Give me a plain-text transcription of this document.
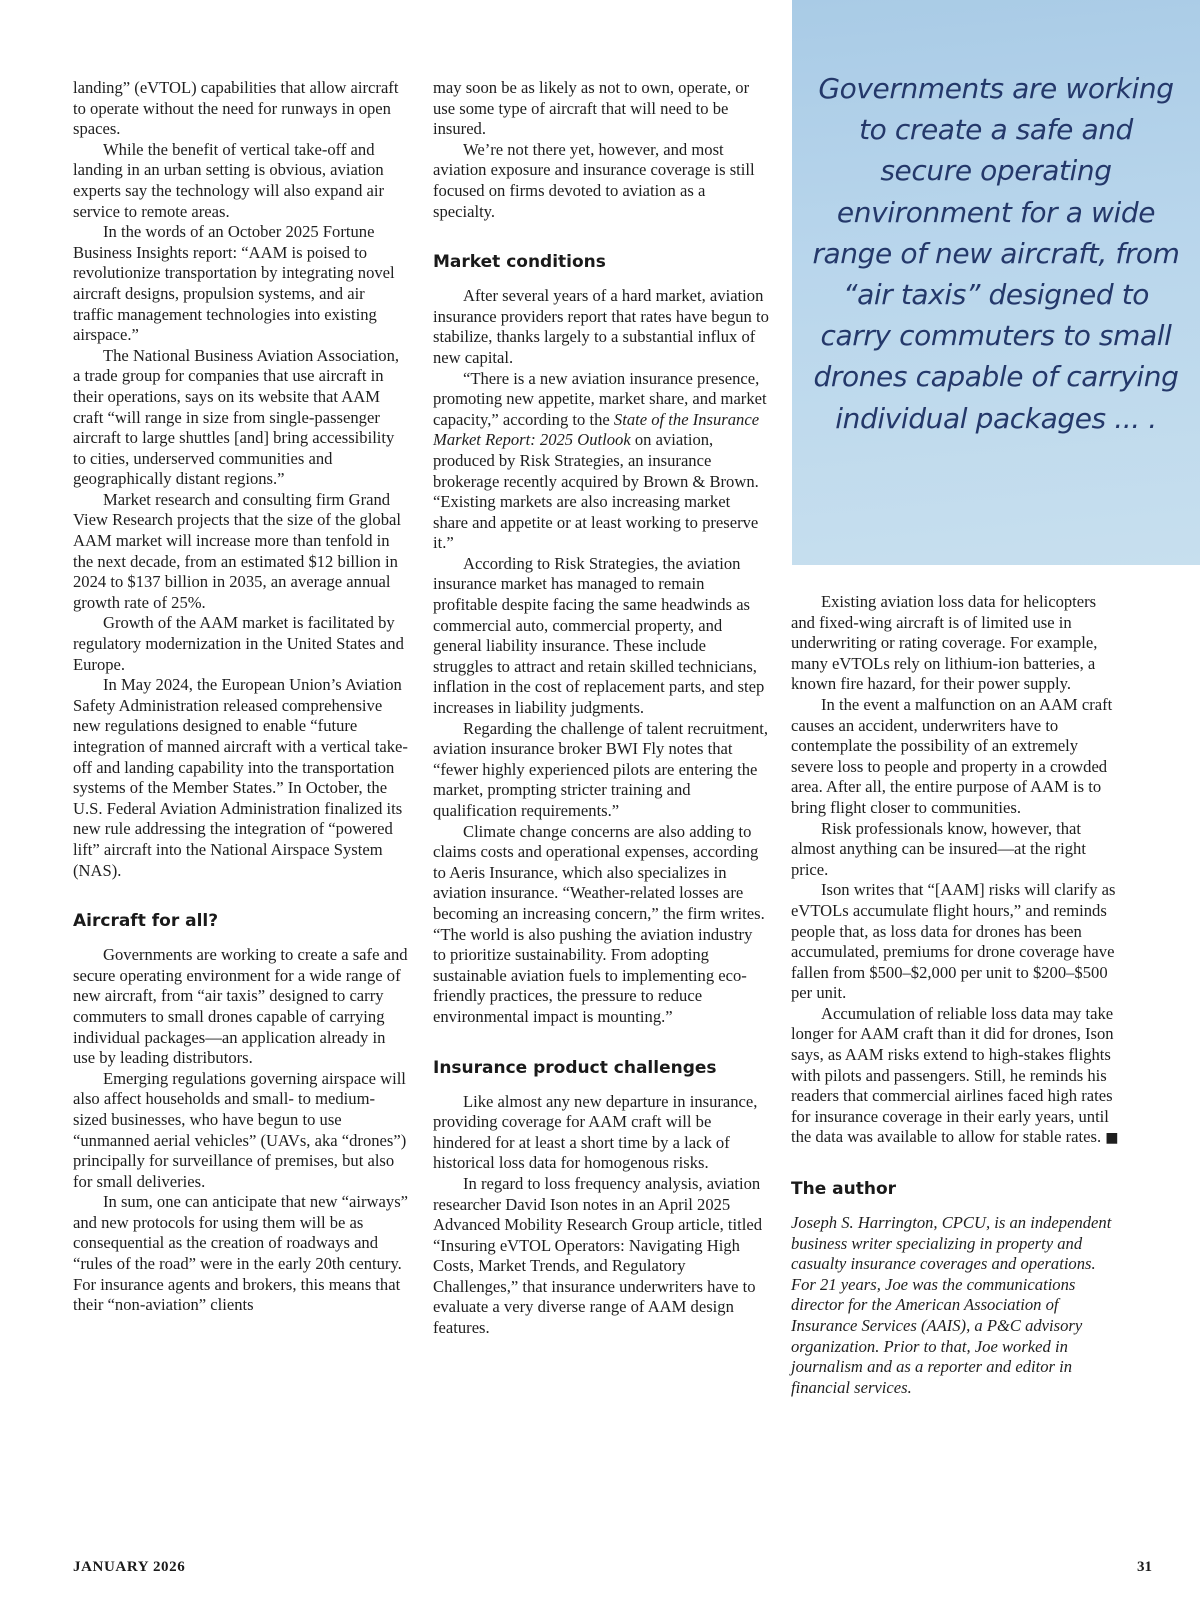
landing” (eVTOL) capabilities that allow aircraft to operate without the need for runways in open spaces.

While the benefit of vertical take-off and landing in an urban setting is obvious, aviation experts say the technology will also expand air service to remote areas.

In the words of an October 2025 Fortune Business Insights report: “AAM is poised to revolutionize transportation by integrating novel aircraft designs, propulsion systems, and air traffic management technologies into existing airspace.”

The National Business Aviation Association, a trade group for companies that use aircraft in their operations, says on its website that AAM craft “will range in size from single-passenger aircraft to large shuttles [and] bring accessibility to cities, underserved communities and geographically distant regions.”

Market research and consulting firm Grand View Research projects that the size of the global AAM market will increase more than tenfold in the next decade, from an estimated $12 billion in 2024 to $137 billion in 2035, an average annual growth rate of 25%.

Growth of the AAM market is facilitated by regulatory modernization in the United States and Europe.

In May 2024, the European Union’s Aviation Safety Administration released comprehensive new regulations designed to enable “future integration of manned aircraft with a vertical take-off and landing capability into the transportation systems of the Member States.” In October, the U.S. Federal Aviation Administration finalized its new rule addressing the integration of “powered lift” aircraft into the National Airspace System (NAS).

Aircraft for all?

Governments are working to create a safe and secure operating environment for a wide range of new aircraft, from “air taxis” designed to carry commuters to small drones capable of carrying individual packages—an application already in use by leading distributors.

Emerging regulations governing airspace will also affect households and small- to medium-sized businesses, who have begun to use “unmanned aerial vehicles” (UAVs, aka “drones”) principally for surveillance of premises, but also for small deliveries.

In sum, one can anticipate that new “airways” and new protocols for using them will be as consequential as the creation of roadways and “rules of the road” were in the early 20th century. For insurance agents and brokers, this means that their “non-aviation” clients

may soon be as likely as not to own, operate, or use some type of aircraft that will need to be insured.

We’re not there yet, however, and most aviation exposure and insurance coverage is still focused on firms devoted to aviation as a specialty.

Market conditions

After several years of a hard market, aviation insurance providers report that rates have begun to stabilize, thanks largely to a substantial influx of new capital.

“There is a new aviation insurance presence, promoting new appetite, market share, and market capacity,” according to the State of the Insurance Market Report: 2025 Outlook on aviation, produced by Risk Strategies, an insurance brokerage recently acquired by Brown & Brown. “Existing markets are also increasing market share and appetite or at least working to preserve it.”

According to Risk Strategies, the aviation insurance market has managed to remain profitable despite facing the same headwinds as commercial auto, commercial property, and general liability insurance. These include struggles to attract and retain skilled technicians, inflation in the cost of replacement parts, and step increases in liability judgments.

Regarding the challenge of talent recruitment, aviation insurance broker BWI Fly notes that “fewer highly experienced pilots are entering the market, prompting stricter training and qualification requirements.”

Climate change concerns are also adding to claims costs and operational expenses, according to Aeris Insurance, which also specializes in aviation insurance. “Weather-related losses are becoming an increasing concern,” the firm writes. “The world is also pushing the aviation industry to prioritize sustainability. From adopting sustainable aviation fuels to implementing eco-friendly practices, the pressure to reduce environmental impact is mounting.”

Insurance product challenges

Like almost any new departure in insurance, providing coverage for AAM craft will be hindered for at least a short time by a lack of historical loss data for homogenous risks.

In regard to loss frequency analysis, aviation researcher David Ison notes in an April 2025 Advanced Mobility Research Group article, titled “Insuring eVTOL Operators: Navigating High Costs, Market Trends, and Regulatory Challenges,” that insurance underwriters have to evaluate a very diverse range of AAM design features.

Governments are working to create a safe and secure operating environment for a wide range of new aircraft, from “air taxis” designed to carry commuters to small drones capable of carrying individual packages ... .

Existing aviation loss data for helicopters and fixed-wing aircraft is of limited use in underwriting or rating coverage. For example, many eVTOLs rely on lithium-ion batteries, a known fire hazard, for their power supply.

In the event a malfunction on an AAM craft causes an accident, underwriters have to contemplate the possibility of an extremely severe loss to people and property in a crowded area. After all, the entire purpose of AAM is to bring flight closer to communities.

Risk professionals know, however, that almost anything can be insured—at the right price.

Ison writes that “[AAM] risks will clarify as eVTOLs accumulate flight hours,” and reminds people that, as loss data for drones has been accumulated, premiums for drone coverage have fallen from $500–$2,000 per unit to $200–$500 per unit.

Accumulation of reliable loss data may take longer for AAM craft than it did for drones, Ison says, as AAM risks extend to high-stakes flights with pilots and passengers. Still, he reminds his readers that commercial airlines faced high rates for insurance coverage in their early years, until the data was available to allow for stable rates. ■

The author

Joseph S. Harrington, CPCU, is an independent business writer specializing in property and casualty insurance coverages and operations. For 21 years, Joe was the communications director for the American Association of Insurance Services (AAIS), a P&C advisory organization. Prior to that, Joe worked in journalism and as a reporter and editor in financial services.

JANUARY 2026	31
